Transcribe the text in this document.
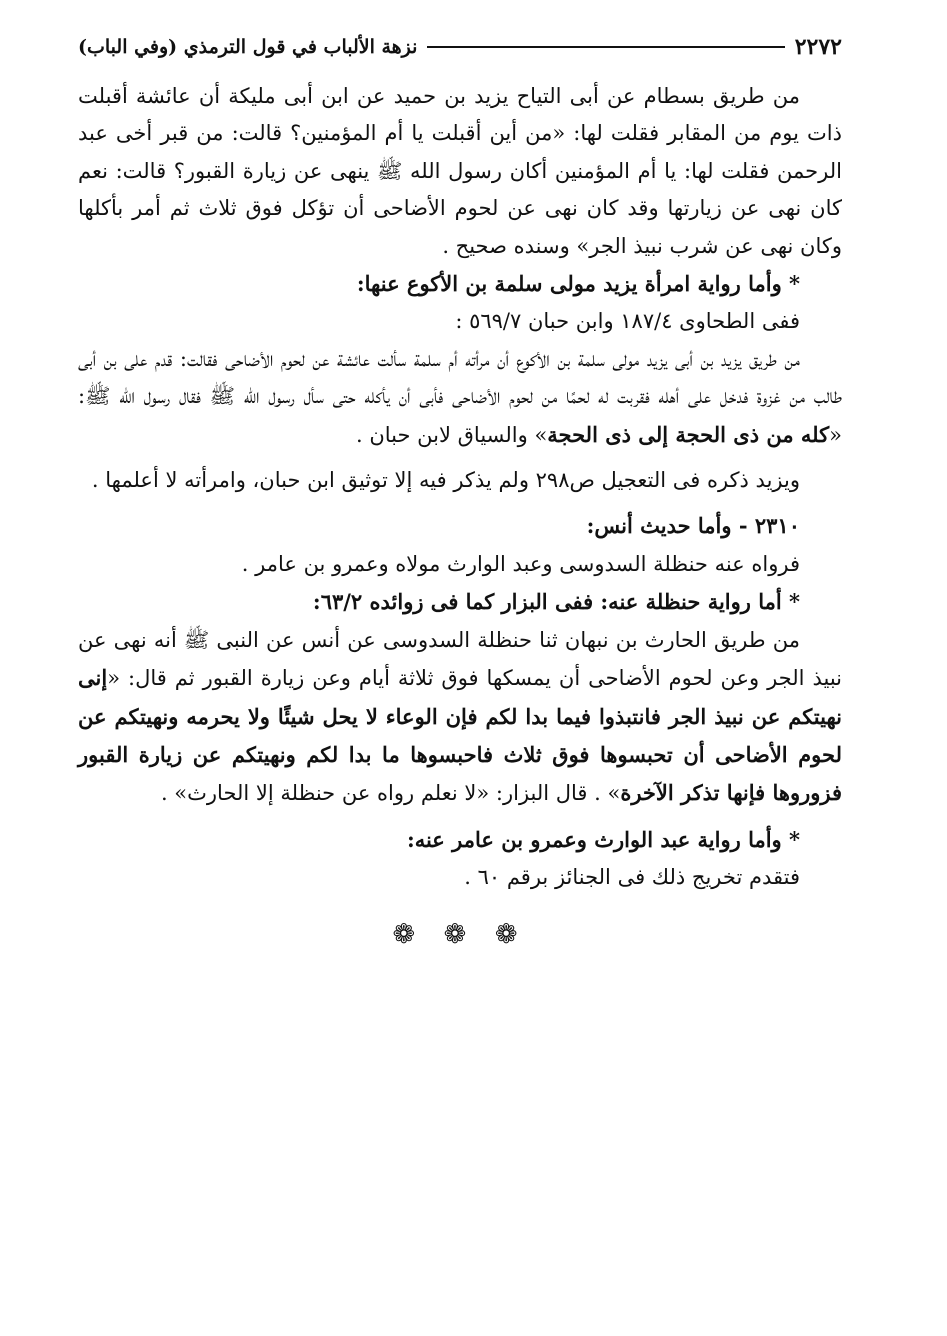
٢٢٧٢
نزهة الألباب في قول الترمذي (وفي الباب)

من طريق بسطام عن أبى التياح يزيد بن حميد عن ابن أبى مليكة أن عائشة أقبلت ذات يوم من المقابر فقلت لها: «من أين أقبلت يا أم المؤمنين؟ قالت: من قبر أخى عبد الرحمن فقلت لها: يا أم المؤمنين أكان رسول الله ﷺ ينهى عن زيارة القبور؟ قالت: نعم كان نهى عن زيارتها وقد كان نهى عن لحوم الأضاحى أن تؤكل فوق ثلاث ثم أمر بأكلها وكان نهى عن شرب نبيذ الجر» وسنده صحيح .

* وأما رواية امرأة يزيد مولى سلمة بن الأكوع عنها:

ففى الطحاوى ١٨٧/٤ وابن حبان ٥٦٩/٧ :

من طريق يزيد بن أبى يزيد مولى سلمة بن الأكوع أن مرأته أم سلمة سألت عائشة عن لحوم الأضاحى فقالت: قدم على بن أبى طالب من غزوة فدخل على أهله فقربت له لحمًا من لحوم الأضاحى فأبى أن يأكله حتى سأل رسول الله ﷺ فقال رسول الله ﷺ: «كله من ذى الحجة إلى ذى الحجة» والسياق لابن حبان .

ويزيد ذكره فى التعجيل ص٢٩٨ ولم يذكر فيه إلا توثيق ابن حبان، وامرأته لا أعلمها .

٢٣١٠ - وأما حديث أنس:

فرواه عنه حنظلة السدوسى وعبد الوارث مولاه وعمرو بن عامر .

* أما رواية حنظلة عنه: ففى البزار كما فى زوائده ٦٣/٢:

من طريق الحارث بن نبهان ثنا حنظلة السدوسى عن أنس عن النبى ﷺ أنه نهى عن نبيذ الجر وعن لحوم الأضاحى أن يمسكها فوق ثلاثة أيام وعن زيارة القبور ثم قال: «إنى نهيتكم عن نبيذ الجر فانتبذوا فيما بدا لكم فإن الوعاء لا يحل شيئًا ولا يحرمه ونهيتكم عن لحوم الأضاحى أن تحبسوها فوق ثلاث فاحبسوها ما بدا لكم ونهيتكم عن زيارة القبور فزوروها فإنها تذكر الآخرة» . قال البزار: «لا نعلم رواه عن حنظلة إلا الحارث» .

* وأما رواية عبد الوارث وعمرو بن عامر عنه:

فتقدم تخريج ذلك فى الجنائز برقم ٦٠ .

❁ ❁ ❁
